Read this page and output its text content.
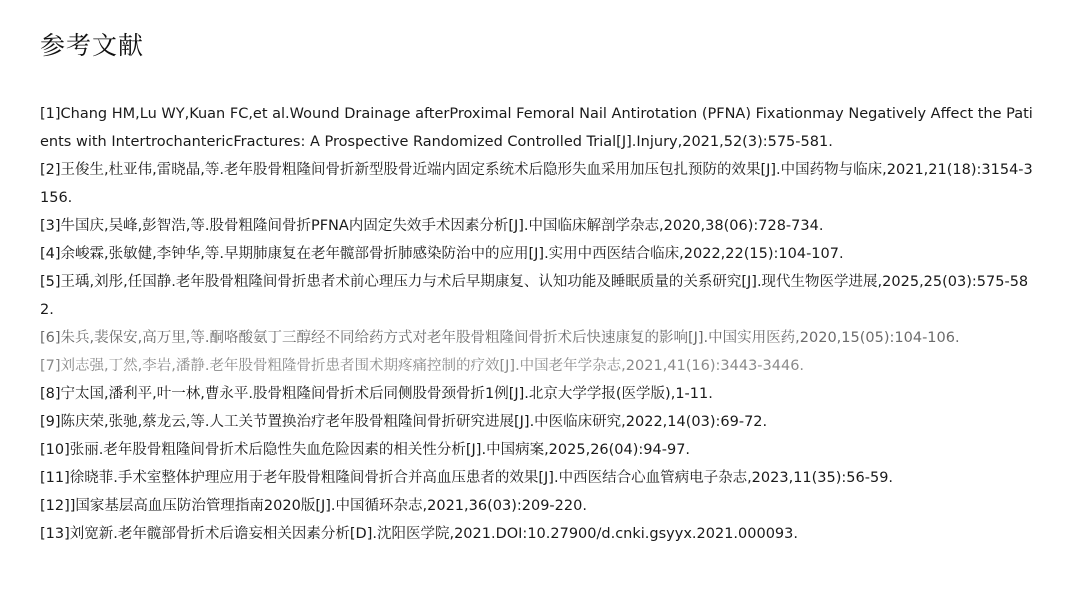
参考文献

[1]Chang HM,Lu WY,Kuan FC,et al.Wound Drainage afterProximal Femoral Nail Antirotation (PFNA) Fixationmay Negatively Affect the Patients with IntertrochantericFractures: A Prospective Randomized Controlled Trial[J].Injury,2021,52(3):575-581.

[2]王俊生,杜亚伟,雷晓晶,等.老年股骨粗隆间骨折新型股骨近端内固定系统术后隐形失血采用加压包扎预防的效果[J].中国药物与临床,2021,21(18):3154-3156.

[3]牛国庆,吴峰,彭智浩,等.股骨粗隆间骨折PFNA内固定失效手术因素分析[J].中国临床解剖学杂志,2020,38(06):728-734.

[4]余峻霖,张敏健,李钟华,等.早期肺康复在老年髋部骨折肺感染防治中的应用[J].实用中西医结合临床,2022,22(15):104-107.

[5]王瑀,刘彤,任国静.老年股骨粗隆间骨折患者术前心理压力与术后早期康复、认知功能及睡眠质量的关系研究[J].现代生物医学进展,2025,25(03):575-582.

[6]朱兵,裴保安,高万里,等.酮咯酸氨丁三醇经不同给药方式对老年股骨粗隆间骨折术后快速康复的影响[J].中国实用医药,2020,15(05):104-106.

[7]刘志强,丁然,李岩,潘静.老年股骨粗隆骨折患者围术期疼痛控制的疗效[J].中国老年学杂志,2021,41(16):3443-3446.

[8]宁太国,潘利平,叶一林,曹永平.股骨粗隆间骨折术后同侧股骨颈骨折1例[J].北京大学学报(医学版),1-11.

[9]陈庆荣,张驰,蔡龙云,等.人工关节置换治疗老年股骨粗隆间骨折研究进展[J].中医临床研究,2022,14(03):69-72.

[10]张丽.老年股骨粗隆间骨折术后隐性失血危险因素的相关性分析[J].中国病案,2025,26(04):94-97.

[11]徐晓菲.手术室整体护理应用于老年股骨粗隆间骨折合并高血压患者的效果[J].中西医结合心血管病电子杂志,2023,11(35):56-59.

[12]]国家基层高血压防治管理指南2020版[J].中国循环杂志,2021,36(03):209-220.

[13]刘宽新.老年髋部骨折术后谵妄相关因素分析[D].沈阳医学院,2021.DOI:10.27900/d.cnki.gsyyx.2021.000093.
